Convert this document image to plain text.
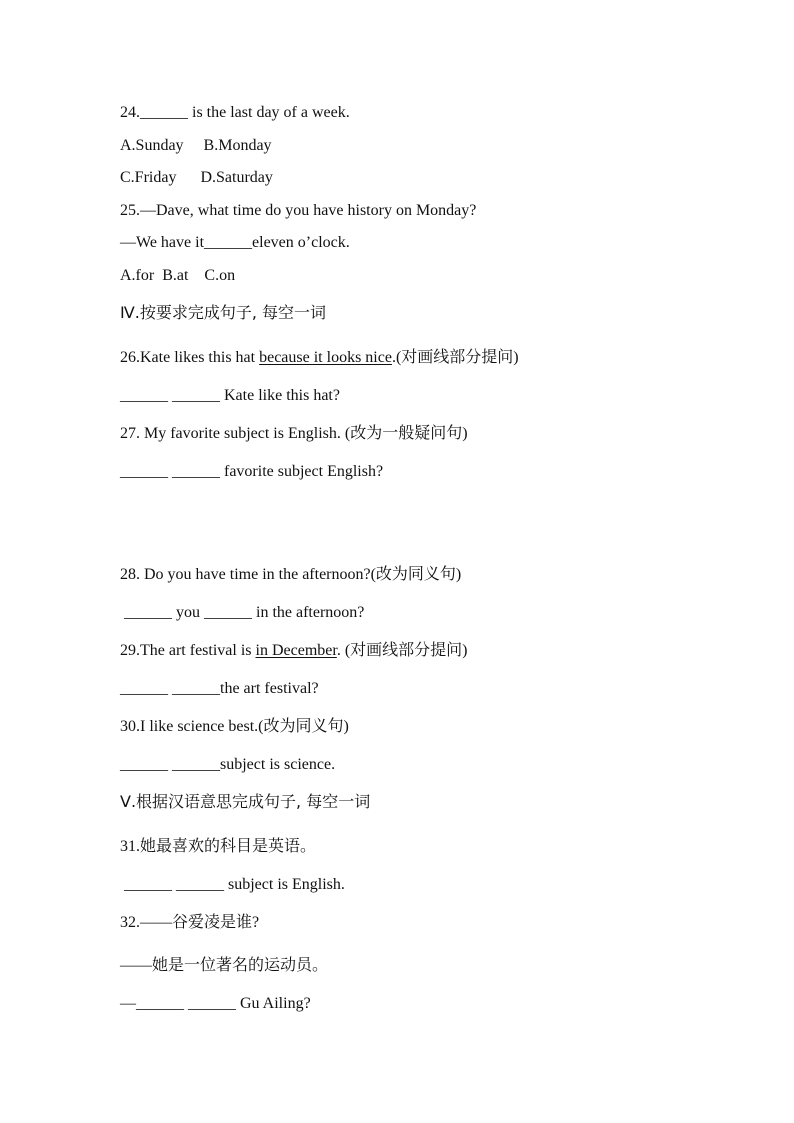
24.______ is the last day of a week.
A.Sunday     B.Monday
C.Friday      D.Saturday
25.—Dave, what time do you have history on Monday?
—We have it______eleven o’clock.
A.for  B.at    C.on
Ⅳ.按要求完成句子, 每空一词
26.Kate likes this hat because it looks nice.(对画线部分提问)
______ ______ Kate like this hat?
27. My favorite subject is English. (改为一般疑问句)
______ ______ favorite subject English?
28. Do you have time in the afternoon?(改为同义句)
______ you ______ in the afternoon?
29.The art festival is in December. (对画线部分提问)
______ ______the art festival?
30.I like science best.(改为同义句)
______ ______subject is science.
Ⅴ.根据汉语意思完成句子, 每空一词
31.她最喜欢的科目是英语。
______ ______ subject is English.
32.——谷爱凌是谁?
——她是一位著名的运动员。
—______ ______ Gu Ailing?
